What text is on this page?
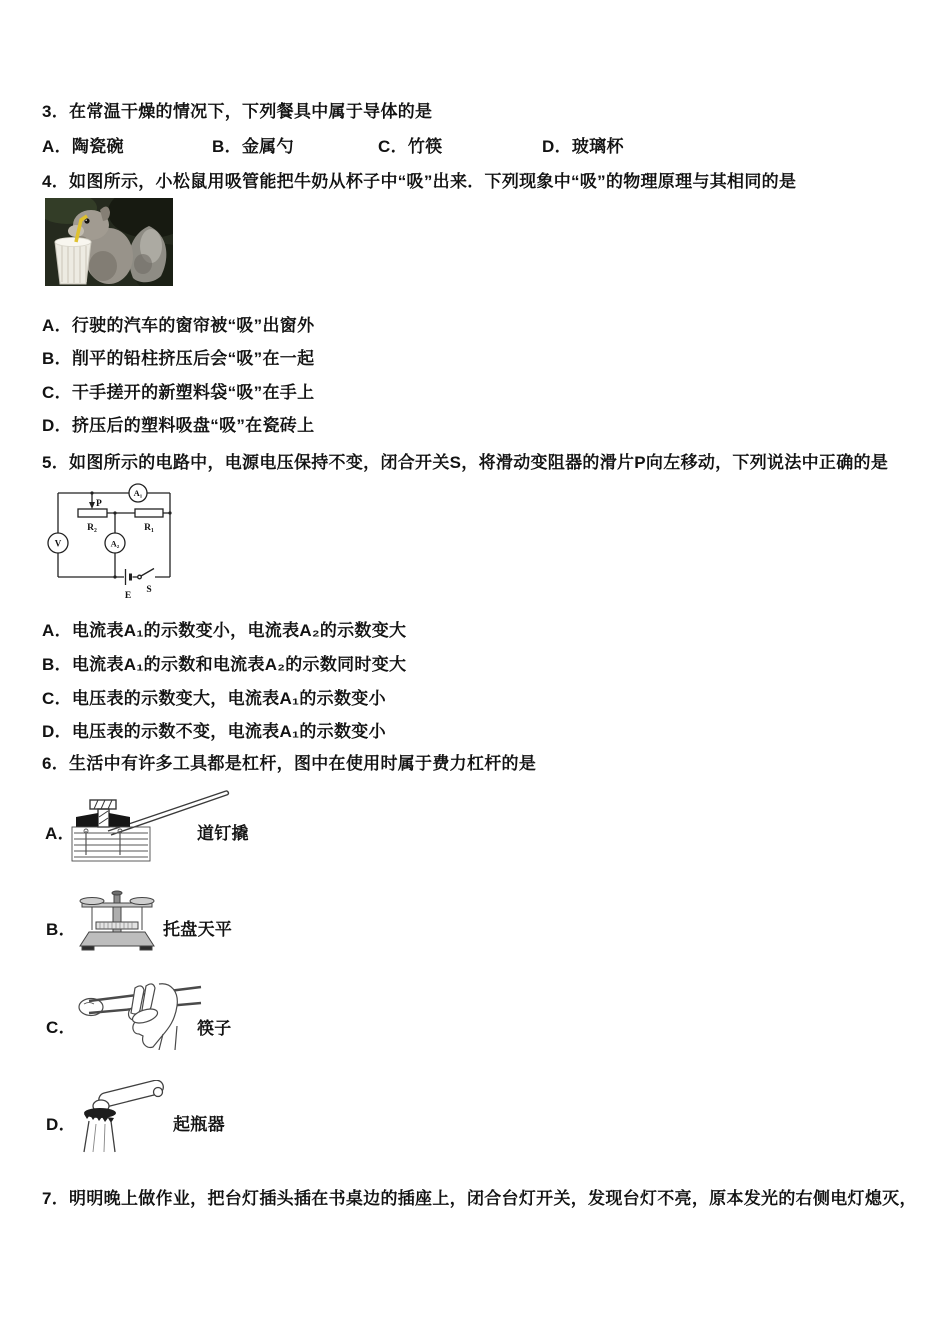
3．在常温干燥的情况下，下列餐具中属于导体的是
A．陶瓷碗	B．金属勺	C．竹筷	D．玻璃杯
4．如图所示，小松鼠用吸管能把牛奶从杯子中“吸”出来．下列现象中“吸”的物理原理与其相同的是
A．行驶的汽车的窗帘被“吸”出窗外
B．削平的铅柱挤压后会“吸”在一起
C．干手搓开的新塑料袋“吸”在手上
D．挤压后的塑料吸盘“吸”在瓷砖上
5．如图所示的电路中，电源电压保持不变，闭合开关S，将滑动变阻器的滑片P向左移动，下列说法中正确的是
A₁
V	A₂
P
R₂	R₁
E
S
A．电流表A₁的示数变小，电流表A₂的示数变大
B．电流表A₁的示数和电流表A₂的示数同时变大
C．电压表的示数变大，电流表A₁的示数变小
D．电压表的示数不变，电流表A₁的示数变小
6．生活中有许多工具都是杠杆，图中在使用时属于费力杠杆的是
A．	道钉撬
B．	托盘天平
C．	筷子
D．	起瓶器
7．明明晚上做作业，把台灯插头插在书桌边的插座上，闭合台灯开关，发现台灯不亮，原本发光的右侧电灯熄灭，
